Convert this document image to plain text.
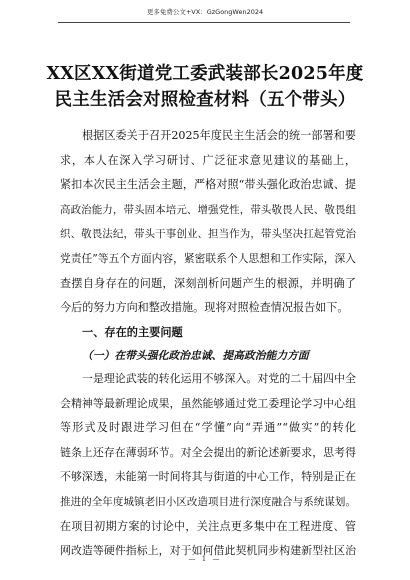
更多免费公文+VX：GzGongWen2024
XX区XX街道党工委武装部长2025年度
民主生活会对照检查材料（五个带头）
根据区委关于召开2025年度民主生活会的统一部署和要
求，本人在深入学习研讨、广泛征求意见建议的基础上，
紧扣本次民主生活会主题，严格对照“带头强化政治忠诚、提
高政治能力，带头固本培元、增强党性，带头敬畏人民、敬畏组
织、敬畏法纪，带头干事创业、担当作为，带头坚决扛起管党治
党责任”等五个方面内容，紧密联系个人思想和工作实际，深入
查摆自身存在的问题，深刻剖析问题产生的根源，并明确了
今后的努力方向和整改措施。现将对照检查情况报告如下。
一、存在的主要问题
（一）在带头强化政治忠诚、提高政治能力方面
一是理论武装的转化运用不够深入。对党的二十届四中全
会精神等最新理论成果，虽然能够通过党工委理论学习中心组
等形式及时跟进学习但在“学懂”向“弄通”“做实”的转化
链条上还存在薄弱环节。对全会提出的新论述新要求，思考得
不够深透，未能第一时间将其与街道的中心工作，特别是正在
推进的全年度城镇老旧小区改造项目进行深度融合与系统谋划。
在项目初期方案的讨论中，关注点更多集中在工程进度、管
网改造等硬件指标上，对于如何借此契机同步构建新型社区治
— 1 —
